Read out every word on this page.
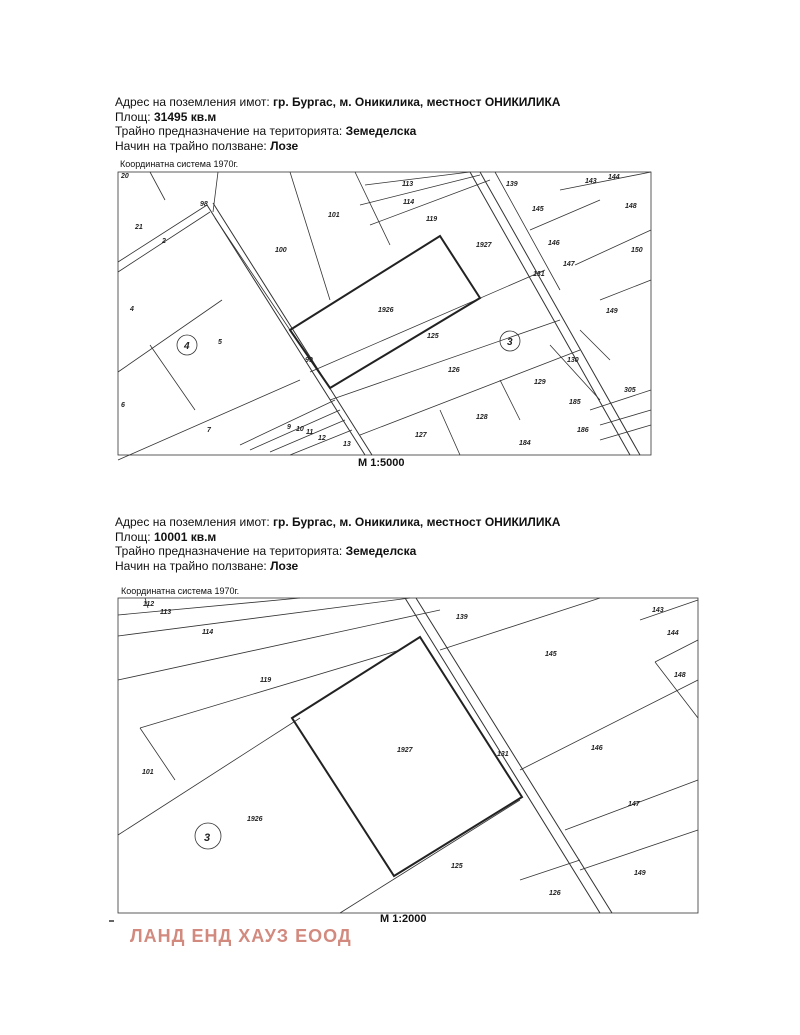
Адрес на поземления имот: гр. Бургас, м. Оникилика, местност ОНИКИЛИКА
Площ: 31495 кв.м
Трайно предназначение на територията: Земеделска
Начин на трайно ползване: Лозе
Координатна система 1970г.
20
21
2
98
4
5
6
7
100
101
113
114
119
1927
1926
125
126
127
128
129
130
139
145
146
147
148
149
150
143
144
131
305
185
186
184
99
9 10 11
12
13
4	3
М 1:5000
Адрес на поземления имот: гр. Бургас, м. Оникилика, местност ОНИКИЛИКА
Площ: 10001 кв.м
Трайно предназначение на територията: Земеделска
Начин на трайно ползване: Лозе
Координатна система 1970г.
112
113
114
119
101
1926
1927
125
126
131
139
143
144
145
146
147
148
149
3
М 1:2000
ЛАНД ЕНД ХАУЗ ЕООД
